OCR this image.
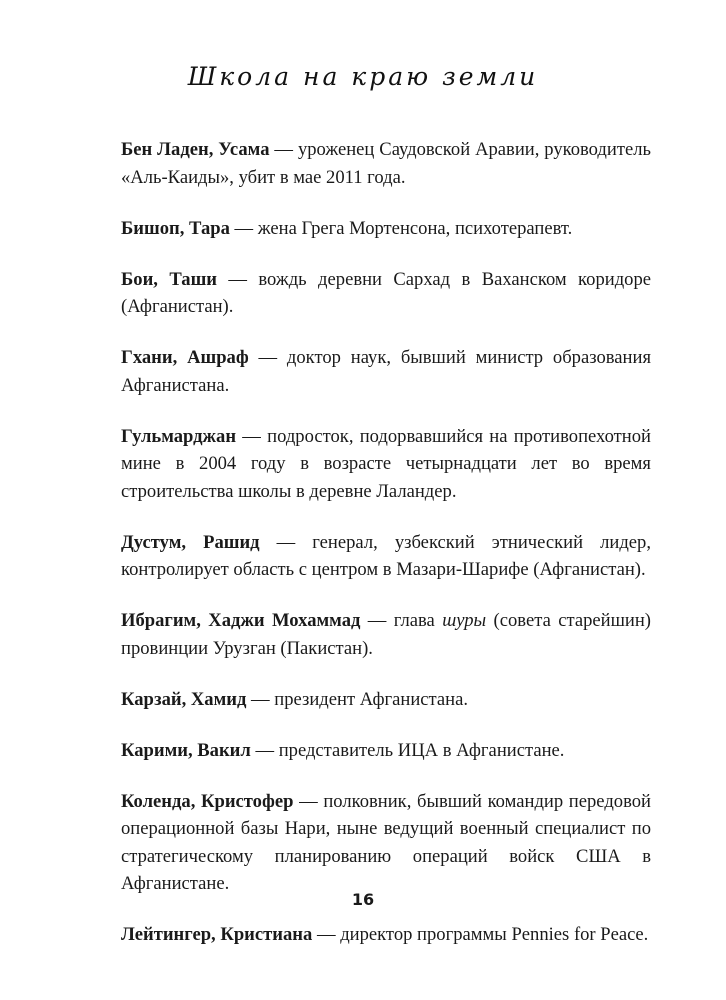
Школа на краю земли

Бен Ладен, Усама — уроженец Саудовской Аравии, руководитель «Аль-Каиды», убит в мае 2011 года.

Бишоп, Тара — жена Грега Мортенсона, психотерапевт.

Бои, Таши — вождь деревни Сархад в Ваханском коридоре (Афганистан).

Гхани, Ашраф — доктор наук, бывший министр образования Афганистана.

Гульмарджан — подросток, подорвавшийся на противопехотной мине в 2004 году в возрасте четырнадцати лет во время строительства школы в деревне Лаландер.

Дустум, Рашид — генерал, узбекский этнический лидер, контролирует область с центром в Мазари-Шарифе (Афганистан).

Ибрагим, Хаджи Мохаммад — глава шуры (совета старейшин) провинции Урузган (Пакистан).

Карзай, Хамид — президент Афганистана.

Карими, Вакил — представитель ИЦА в Афганистане.

Коленда, Кристофер — полковник, бывший командир передовой операционной базы Нари, ныне ведущий военный специалист по стратегическому планированию операций войск США в Афганистане.

Лейтингер, Кристиана — директор программы Pennies for Peace.

16
